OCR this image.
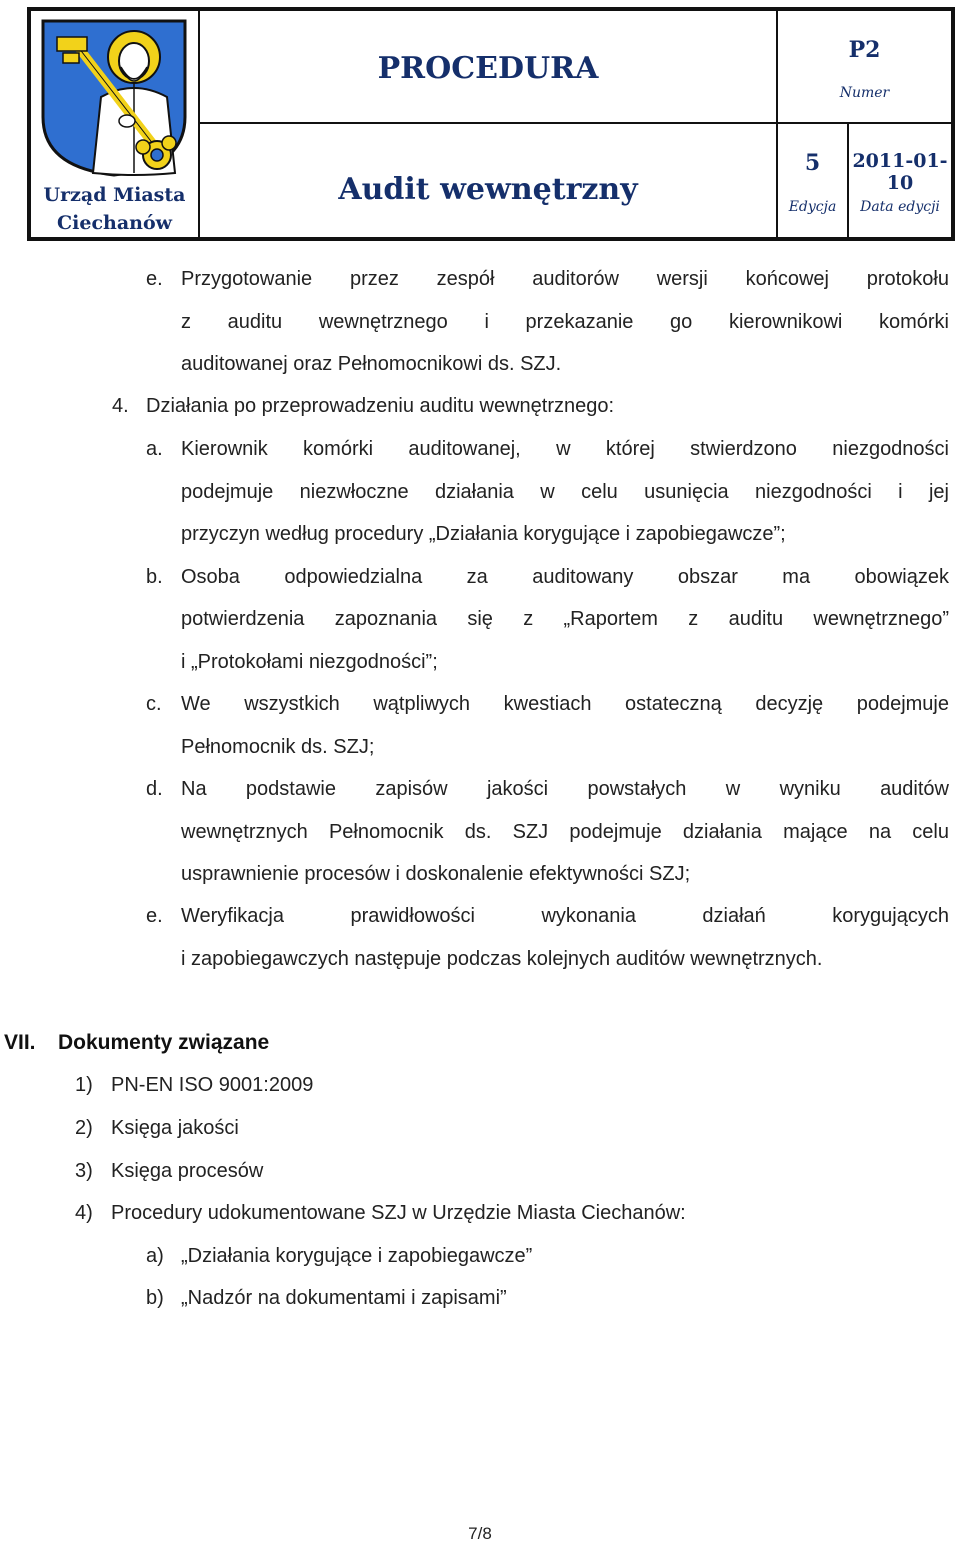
Urząd Miasta
Ciechanów
PROCEDURA
P2
Numer
Audit wewnętrzny
5
Edycja
2011-01-10
Data edycji
e. Przygotowanie przez zespół auditorów wersji końcowej protokołu
z auditu wewnętrznego i przekazanie go kierownikowi komórki
auditowanej oraz Pełnomocnikowi ds. SZJ.
4. Działania po przeprowadzeniu auditu wewnętrznego:
a. Kierownik komórki auditowanej, w której stwierdzono niezgodności
podejmuje niezwłoczne działania w celu usunięcia niezgodności i jej
przyczyn według procedury „Działania korygujące i zapobiegawcze”;
b. Osoba odpowiedzialna za auditowany obszar ma obowiązek
potwierdzenia zapoznania się z „Raportem z auditu wewnętrznego”
i „Protokołami niezgodności”;
c. We wszystkich wątpliwych kwestiach ostateczną decyzję podejmuje
Pełnomocnik ds. SZJ;
d. Na podstawie zapisów jakości powstałych w wyniku auditów
wewnętrznych Pełnomocnik ds. SZJ podejmuje działania mające na celu
usprawnienie procesów i doskonalenie efektywności SZJ;
e. Weryfikacja prawidłowości wykonania działań korygujących
i zapobiegawczych następuje podczas kolejnych auditów wewnętrznych.
VII. Dokumenty związane
1) PN-EN ISO 9001:2009
2) Księga jakości
3) Księga procesów
4) Procedury udokumentowane SZJ w Urzędzie Miasta Ciechanów:
a) „Działania korygujące i zapobiegawcze”
b) „Nadzór na dokumentami i zapisami”
7/8
